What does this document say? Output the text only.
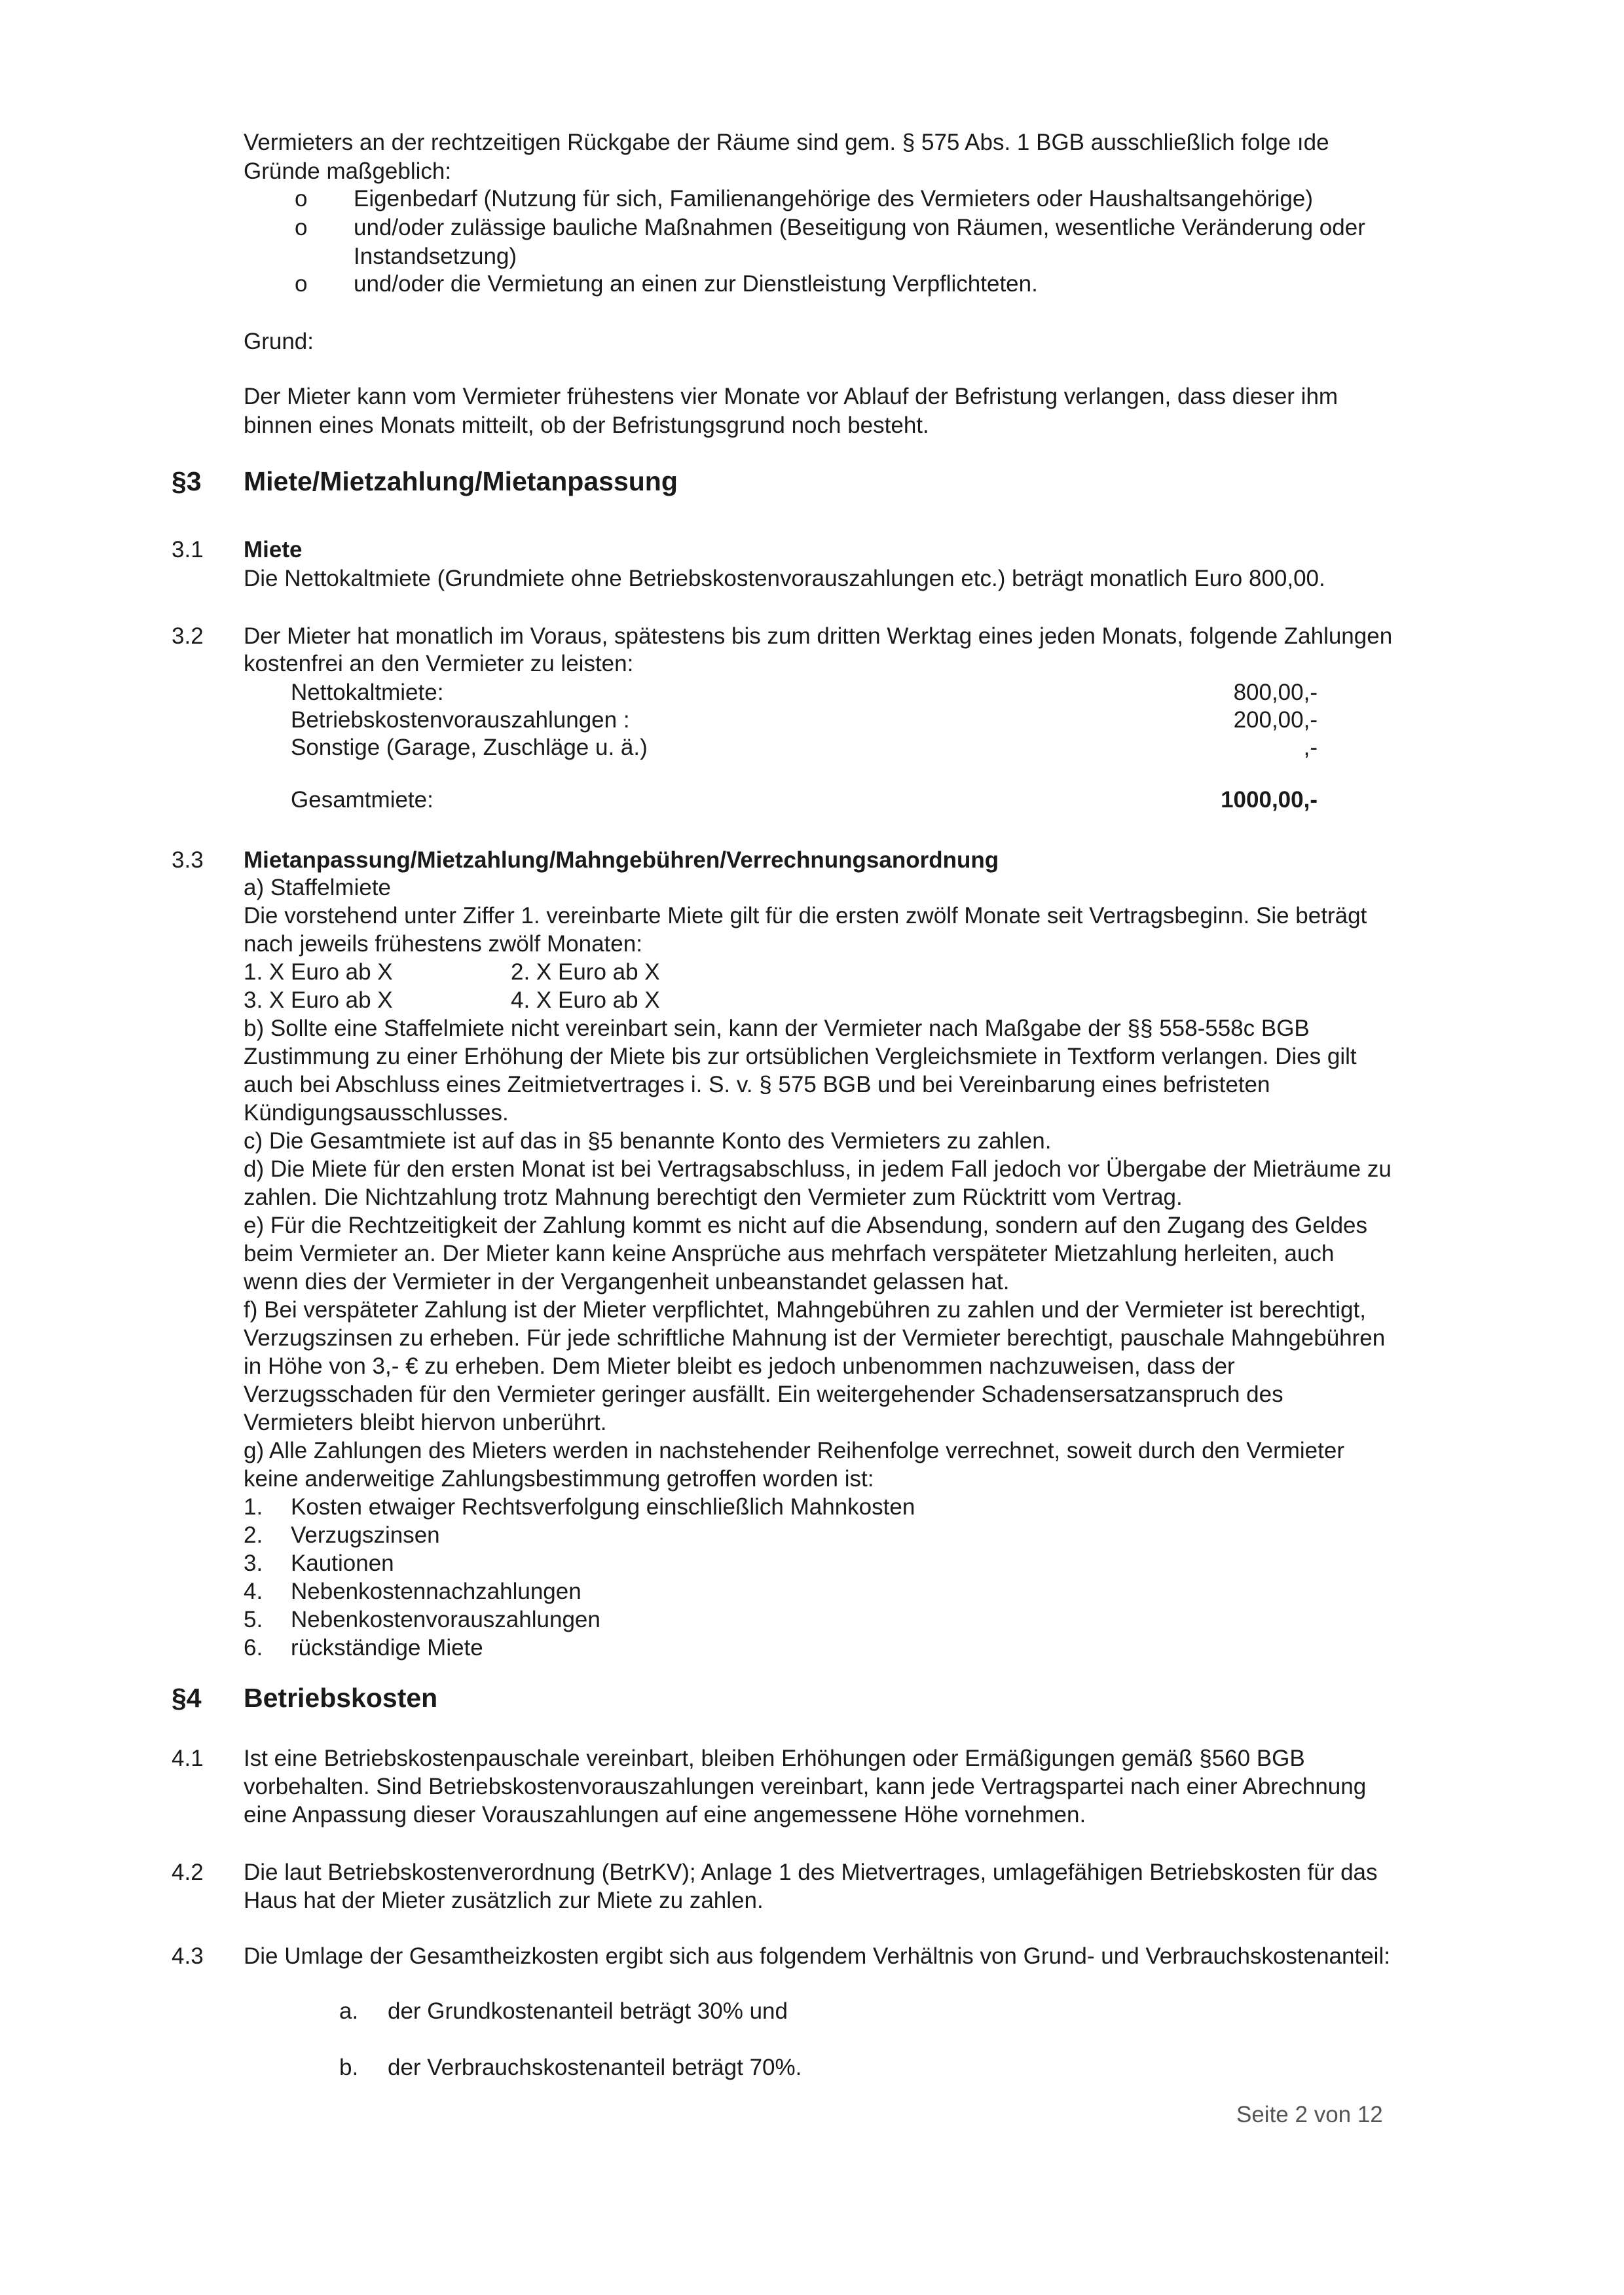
Vermieters an der rechtzeitigen Rückgabe der Räume sind gem. § 575 Abs. 1 BGB ausschließlich folge ıde
Gründe maßgeblich:
o Eigenbedarf (Nutzung für sich, Familienangehörige des Vermieters oder Haushaltsangehörige)
o und/oder zulässige bauliche Maßnahmen (Beseitigung von Räumen, wesentliche Veränderung oder
Instandsetzung)
o und/oder die Vermietung an einen zur Dienstleistung Verpflichteten.
Grund:
Der Mieter kann vom Vermieter frühestens vier Monate vor Ablauf der Befristung verlangen, dass dieser ihm
binnen eines Monats mitteilt, ob der Befristungsgrund noch besteht.
§3 Miete/Mietzahlung/Mietanpassung
3.1 Miete
Die Nettokaltmiete (Grundmiete ohne Betriebskostenvorauszahlungen etc.) beträgt monatlich Euro 800,00.
3.2 Der Mieter hat monatlich im Voraus, spätestens bis zum dritten Werktag eines jeden Monats, folgende Zahlungen
kostenfrei an den Vermieter zu leisten:
Nettokaltmiete:	800,00,-
Betriebskostenvorauszahlungen :	200,00,-
Sonstige (Garage, Zuschläge u. ä.)	,-
Gesamtmiete:	1000,00,-
3.3 Mietanpassung/Mietzahlung/Mahngebühren/Verrechnungsanordnung
a) Staffelmiete
Die vorstehend unter Ziffer 1. vereinbarte Miete gilt für die ersten zwölf Monate seit Vertragsbeginn. Sie beträgt
nach jeweils frühestens zwölf Monaten:
1. X Euro ab X	2. X Euro ab X
3. X Euro ab X	4. X Euro ab X
b) Sollte eine Staffelmiete nicht vereinbart sein, kann der Vermieter nach Maßgabe der §§ 558-558c BGB
Zustimmung zu einer Erhöhung der Miete bis zur ortsüblichen Vergleichsmiete in Textform verlangen. Dies gilt
auch bei Abschluss eines Zeitmietvertrages i. S. v. § 575 BGB und bei Vereinbarung eines befristeten
Kündigungsausschlusses.
c) Die Gesamtmiete ist auf das in §5 benannte Konto des Vermieters zu zahlen.
d) Die Miete für den ersten Monat ist bei Vertragsabschluss, in jedem Fall jedoch vor Übergabe der Mieträume zu
zahlen. Die Nichtzahlung trotz Mahnung berechtigt den Vermieter zum Rücktritt vom Vertrag.
e) Für die Rechtzeitigkeit der Zahlung kommt es nicht auf die Absendung, sondern auf den Zugang des Geldes
beim Vermieter an. Der Mieter kann keine Ansprüche aus mehrfach verspäteter Mietzahlung herleiten, auch
wenn dies der Vermieter in der Vergangenheit unbeanstandet gelassen hat.
f) Bei verspäteter Zahlung ist der Mieter verpflichtet, Mahngebühren zu zahlen und der Vermieter ist berechtigt,
Verzugszinsen zu erheben. Für jede schriftliche Mahnung ist der Vermieter berechtigt, pauschale Mahngebühren
in Höhe von 3,- € zu erheben. Dem Mieter bleibt es jedoch unbenommen nachzuweisen, dass der
Verzugsschaden für den Vermieter geringer ausfällt. Ein weitergehender Schadensersatzanspruch des
Vermieters bleibt hiervon unberührt.
g) Alle Zahlungen des Mieters werden in nachstehender Reihenfolge verrechnet, soweit durch den Vermieter
keine anderweitige Zahlungsbestimmung getroffen worden ist:
1. Kosten etwaiger Rechtsverfolgung einschließlich Mahnkosten
2. Verzugszinsen
3. Kautionen
4. Nebenkostennachzahlungen
5. Nebenkostenvorauszahlungen
6. rückständige Miete
§4 Betriebskosten
4.1 Ist eine Betriebskostenpauschale vereinbart, bleiben Erhöhungen oder Ermäßigungen gemäß §560 BGB
vorbehalten. Sind Betriebskostenvorauszahlungen vereinbart, kann jede Vertragspartei nach einer Abrechnung
eine Anpassung dieser Vorauszahlungen auf eine angemessene Höhe vornehmen.
4.2 Die laut Betriebskostenverordnung (BetrKV); Anlage 1 des Mietvertrages, umlagefähigen Betriebskosten für das
Haus hat der Mieter zusätzlich zur Miete zu zahlen.
4.3 Die Umlage der Gesamtheizkosten ergibt sich aus folgendem Verhältnis von Grund- und Verbrauchskostenanteil:
a. der Grundkostenanteil beträgt 30% und
b. der Verbrauchskostenanteil beträgt 70%.
Seite 2 von 12
